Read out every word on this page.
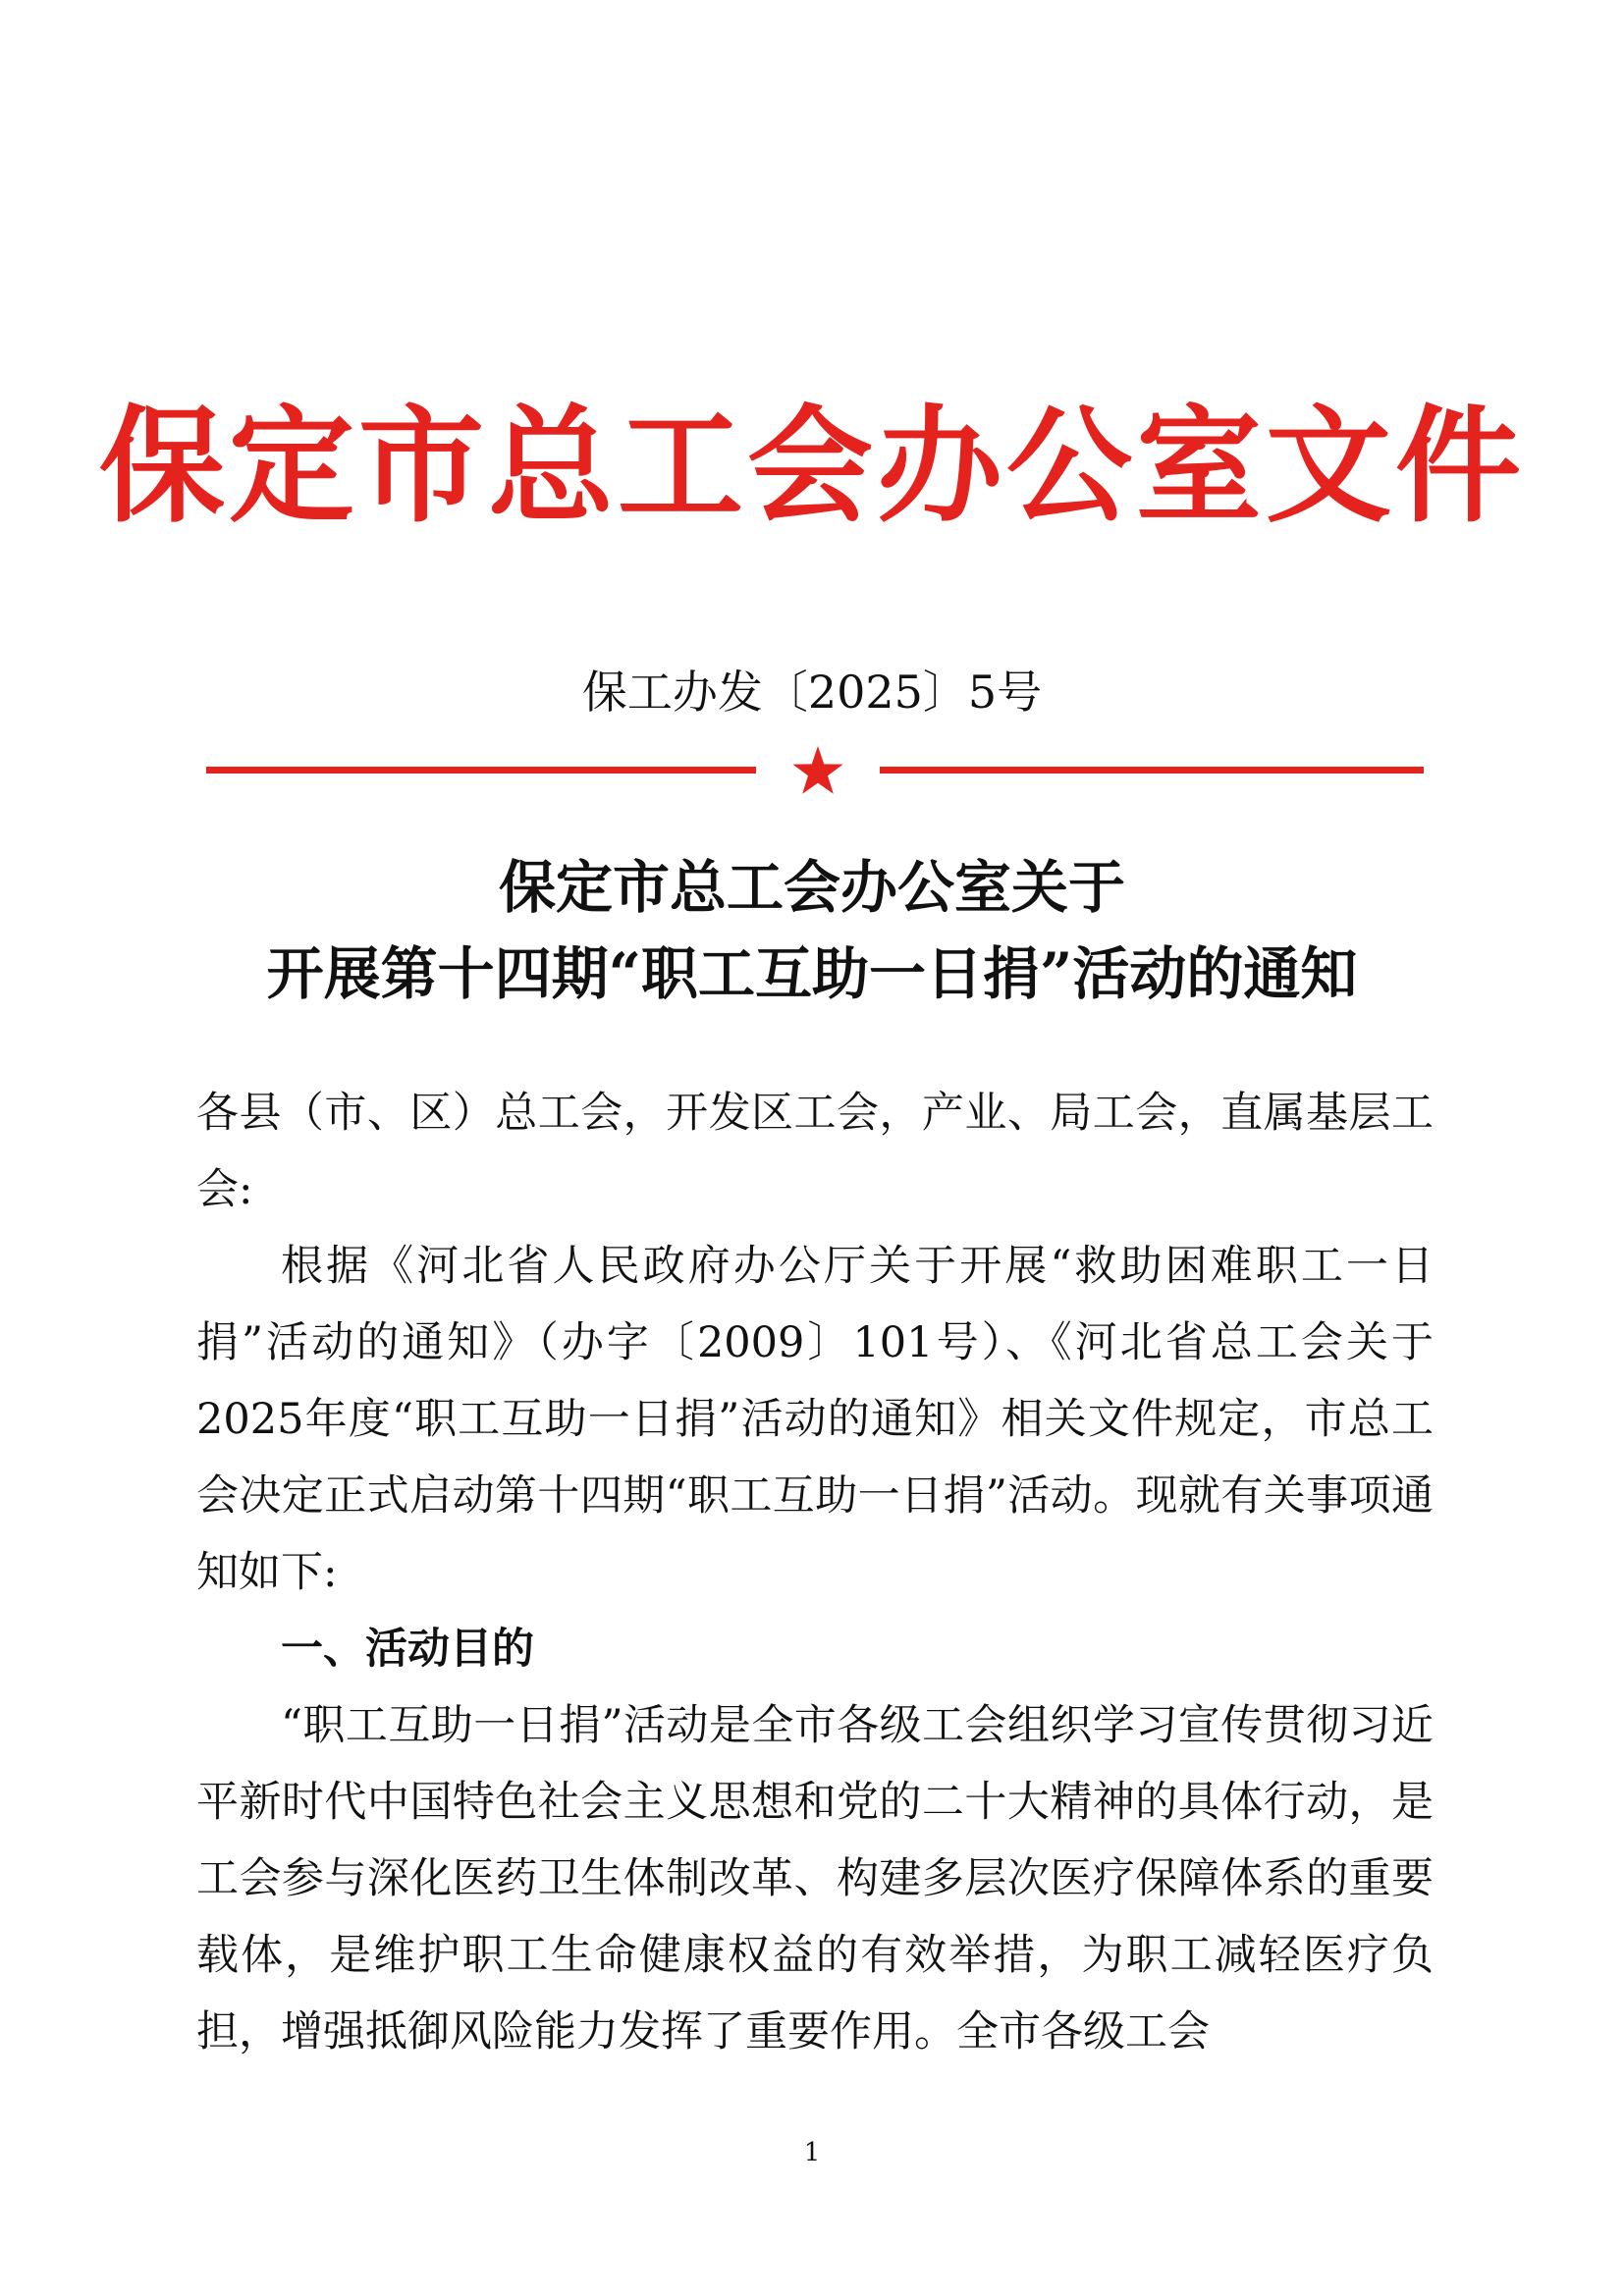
保定市总工会办公室文件
保工办发〔2025〕5号
保定市总工会办公室关于
开展第十四期“职工互助一日捐”活动的通知

各县（市、区）总工会，开发区工会，产业、局工会，直属基层工会:

根据《河北省人民政府办公厅关于开展“救助困难职工一日捐”活动的通知》（办字〔2009〕101号）、《河北省总工会关于2025年度“职工互助一日捐”活动的通知》相关文件规定，市总工会决定正式启动第十四期“职工互助一日捐”活动。现就有关事项通知如下:

一、活动目的

“职工互助一日捐”活动是全市各级工会组织学习宣传贯彻习近平新时代中国特色社会主义思想和党的二十大精神的具体行动，是工会参与深化医药卫生体制改革、构建多层次医疗保障体系的重要载体，是维护职工生命健康权益的有效举措，为职工减轻医疗负担，增强抵御风险能力发挥了重要作用。全市各级工会

1
